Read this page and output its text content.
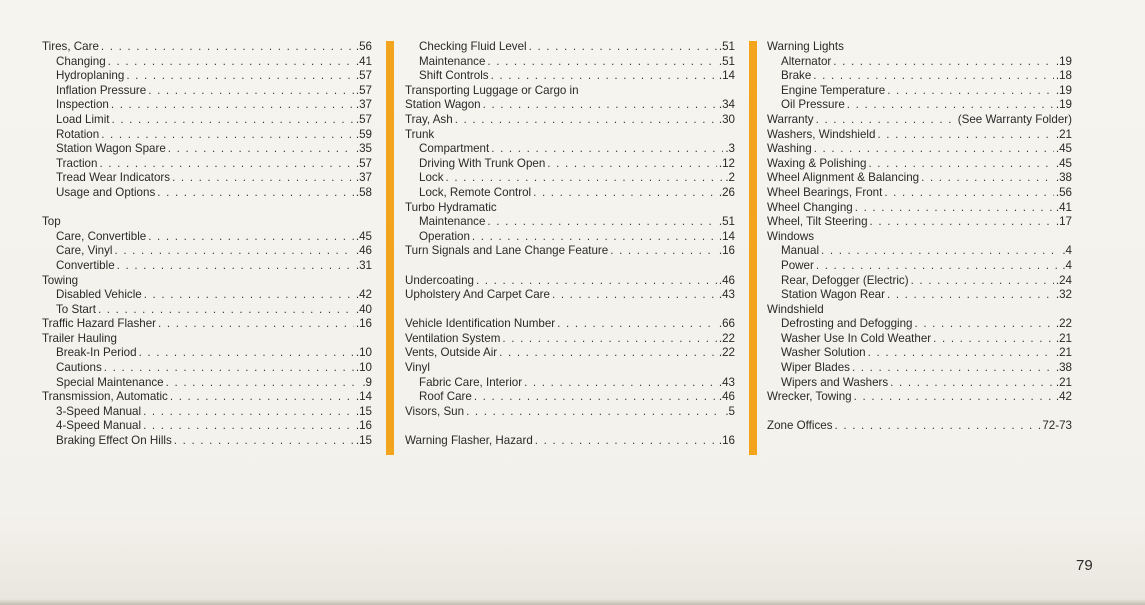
Tires, Care . . .	.56
Changing . . .	.41
Hydroplaning . . .	.57
Inflation Pressure . . .	.57
Inspection . . .	.37
Load Limit . . .	.57
Rotation . . .	.59
Station Wagon Spare . . .	.35
Traction . . .	.57
Tread Wear Indicators . . .	.37
Usage and Options . . .	.58
Top
Care, Convertible . . .	.45
Care, Vinyl . . .	.46
Convertible . . .	.31
Towing
Disabled Vehicle . . .	.42
To Start . . .	.40
Traffic Hazard Flasher . . .	.16
Trailer Hauling
Break-In Period . . .	.10
Cautions . . .	.10
Special Maintenance . . .	.9
Transmission, Automatic . . .	.14
3-Speed Manual . . .	.15
4-Speed Manual . . .	.16
Braking Effect On Hills . . .	.15
Checking Fluid Level . . .	.51
Maintenance . . .	.51
Shift Controls . . .	.14
Transporting Luggage or Cargo in
Station Wagon . . .	.34
Tray, Ash . . .	.30
Trunk
Compartment . . .	.3
Driving With Trunk Open . . .	.12
Lock . . .	.2
Lock, Remote Control . . .	.26
Turbo Hydramatic
Maintenance . . .	.51
Operation . . .	.14
Turn Signals and Lane Change Feature . . .	.16
Undercoating . . .	.46
Upholstery And Carpet Care . . .	.43
Vehicle Identification Number . . .	.66
Ventilation System . . .	.22
Vents, Outside Air . . .	.22
Vinyl
Fabric Care, Interior . . .	.43
Roof Care . . .	.46
Visors, Sun . . .	.5
Warning Flasher, Hazard . . .	.16
Warning Lights
Alternator . . .	.19
Brake . . .	.18
Engine Temperature . . .	.19
Oil Pressure . . .	.19
Warranty . . .	(See Warranty Folder)
Washers, Windshield . . .	.21
Washing . . .	.45
Waxing & Polishing . . .	.45
Wheel Alignment & Balancing . . .	.38
Wheel Bearings, Front . . .	.56
Wheel Changing . . .	.41
Wheel, Tilt Steering . . .	.17
Windows
Manual . . .	.4
Power . . .	.4
Rear, Defogger (Electric) . . .	.24
Station Wagon Rear . . .	.32
Windshield
Defrosting and Defogging . . .	.22
Washer Use In Cold Weather . . .	.21
Washer Solution . . .	.21
Wiper Blades . . .	.38
Wipers and Washers . . .	.21
Wrecker, Towing . . .	.42
Zone Offices . . .	72-73
79
